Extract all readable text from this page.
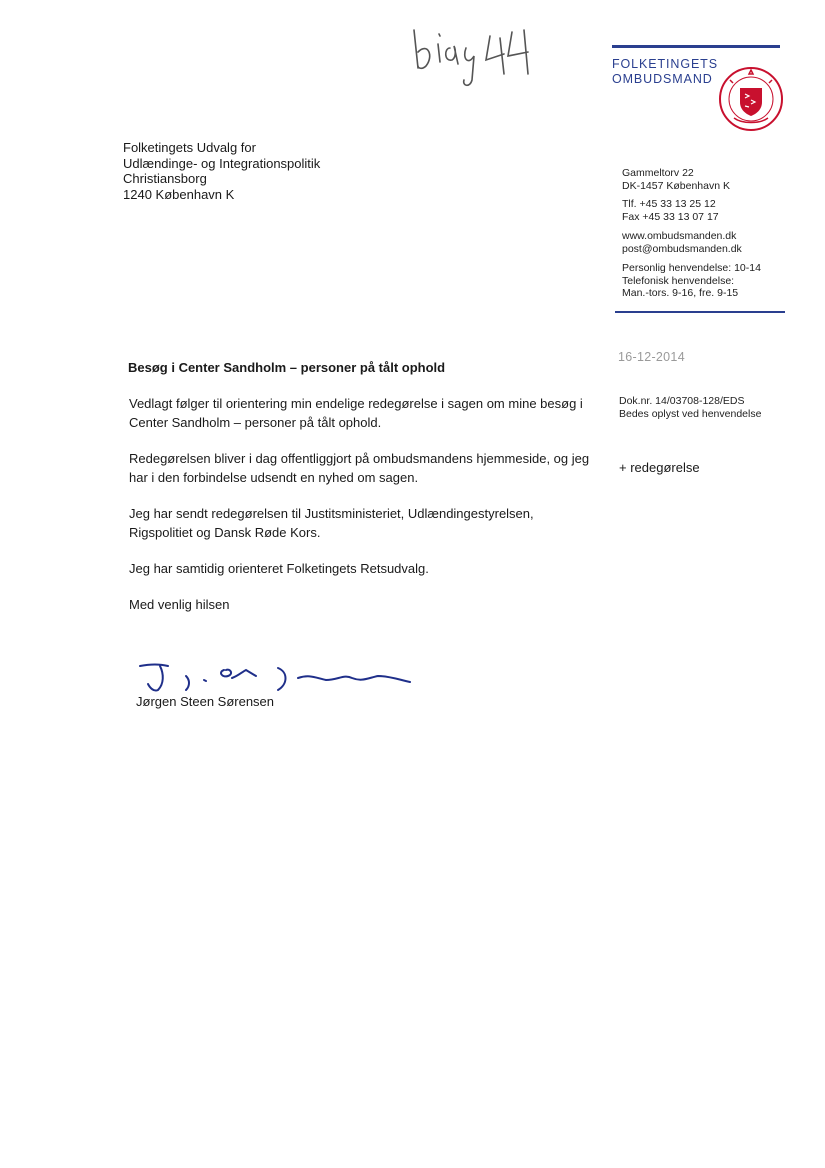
FOLKETINGETS
OMBUDSMAND
Folketingets Udvalg for
Udlændinge- og Integrationspolitik
Christiansborg
1240 København K
Gammeltorv 22
DK-1457 København K
Tlf. +45 33 13 25 12
Fax +45 33 13 07 17
www.ombudsmanden.dk
post@ombudsmanden.dk
Personlig henvendelse: 10-14
Telefonisk henvendelse:
Man.-tors. 9-16, fre. 9-15
16-12-2014
Dok.nr. 14/03708-128/EDS
Bedes oplyst ved henvendelse
+ redegørelse
Besøg i Center Sandholm – personer på tålt ophold

Vedlagt følger til orientering min endelige redegørelse i sagen om mine besøg i Center Sandholm – personer på tålt ophold.

Redegørelsen bliver i dag offentliggjort på ombudsmandens hjemmeside, og jeg har i den forbindelse udsendt en nyhed om sagen.

Jeg har sendt redegørelsen til Justitsministeriet, Udlændingestyrelsen, Rigspolitiet og Dansk Røde Kors.

Jeg har samtidig orienteret Folketingets Retsudvalg.

Med venlig hilsen

Jørgen Steen Sørensen
